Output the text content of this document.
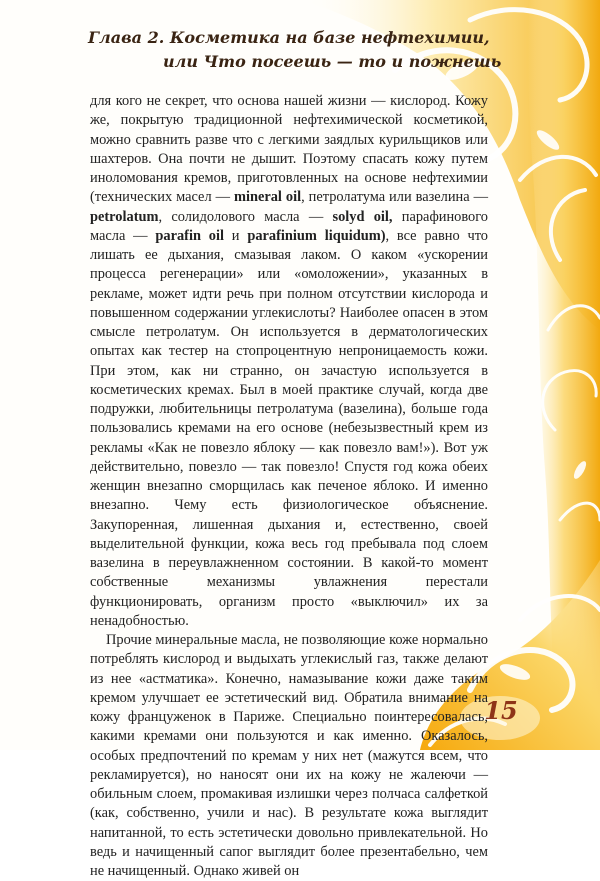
Глава 2. Косметика на базе нефтехимии,
или Что посеешь — то и пожнешь

для кого не секрет, что основа нашей жизни — кислород. Кожу же, покрытую традиционной нефтехимической косметикой, можно сравнить разве что с легкими заядлых курильщиков или шахтеров. Она почти не дышит. Поэтому спасать кожу путем иноломования кремов, приготовленных на основе нефтехимии (технических масел — mineral oil, петролатума или вазелина — petrolatum, солидолового масла — solyd oil, парафинового масла — parafin oil и parafinium liquidum), все равно что лишать ее дыхания, смазывая лаком. О каком «ускорении процесса регенерации» или «омоложении», указанных в рекламе, может идти речь при полном отсутствии кислорода и повышенном содержании углекислоты? Наиболее опасен в этом смысле петролатум. Он используется в дерматологических опытах как тестер на стопроцентную непроницаемость кожи. При этом, как ни странно, он зачастую используется в косметических кремах. Был в моей практике случай, когда две подружки, любительницы петролатума (вазелина), больше года пользовались кремами на его основе (небезызвестный крем из рекламы «Как не повезло яблоку — как повезло вам!»). Вот уж действительно, повезло — так повезло! Спустя год кожа обеих женщин внезапно сморщилась как печеное яблоко. И именно внезапно. Чему есть физиологическое объяснение. Закупоренная, лишенная дыхания и, естественно, своей выделительной функции, кожа весь год пребывала под слоем вазелина в переувлажненном состоянии. В какой-то момент собственные механизмы увлажнения перестали функционировать, организм просто «выключил» их за ненадобностью.

Прочие минеральные масла, не позволяющие коже нормально потреблять кислород и выдыхать углекислый газ, также делают из нее «астматика». Конечно, намазывание кожи даже таким кремом улучшает ее эстетический вид. Обратила внимание на кожу француженок в Париже. Специально поинтересовалась, какими кремами они пользуются и как именно. Оказалось, особых предпочтений по кремам у них нет (мажутся всем, что рекламируется), но наносят они их на кожу не жалеючи — обильным слоем, промакивая излишки через полчаса салфеткой (как, собственно, учили и нас). В результате кожа выглядит напитанной, то есть эстетически довольно привлекательной. Но ведь и начищенный сапог выглядит более презентабельно, чем не начищенный. Однако живей он

15
